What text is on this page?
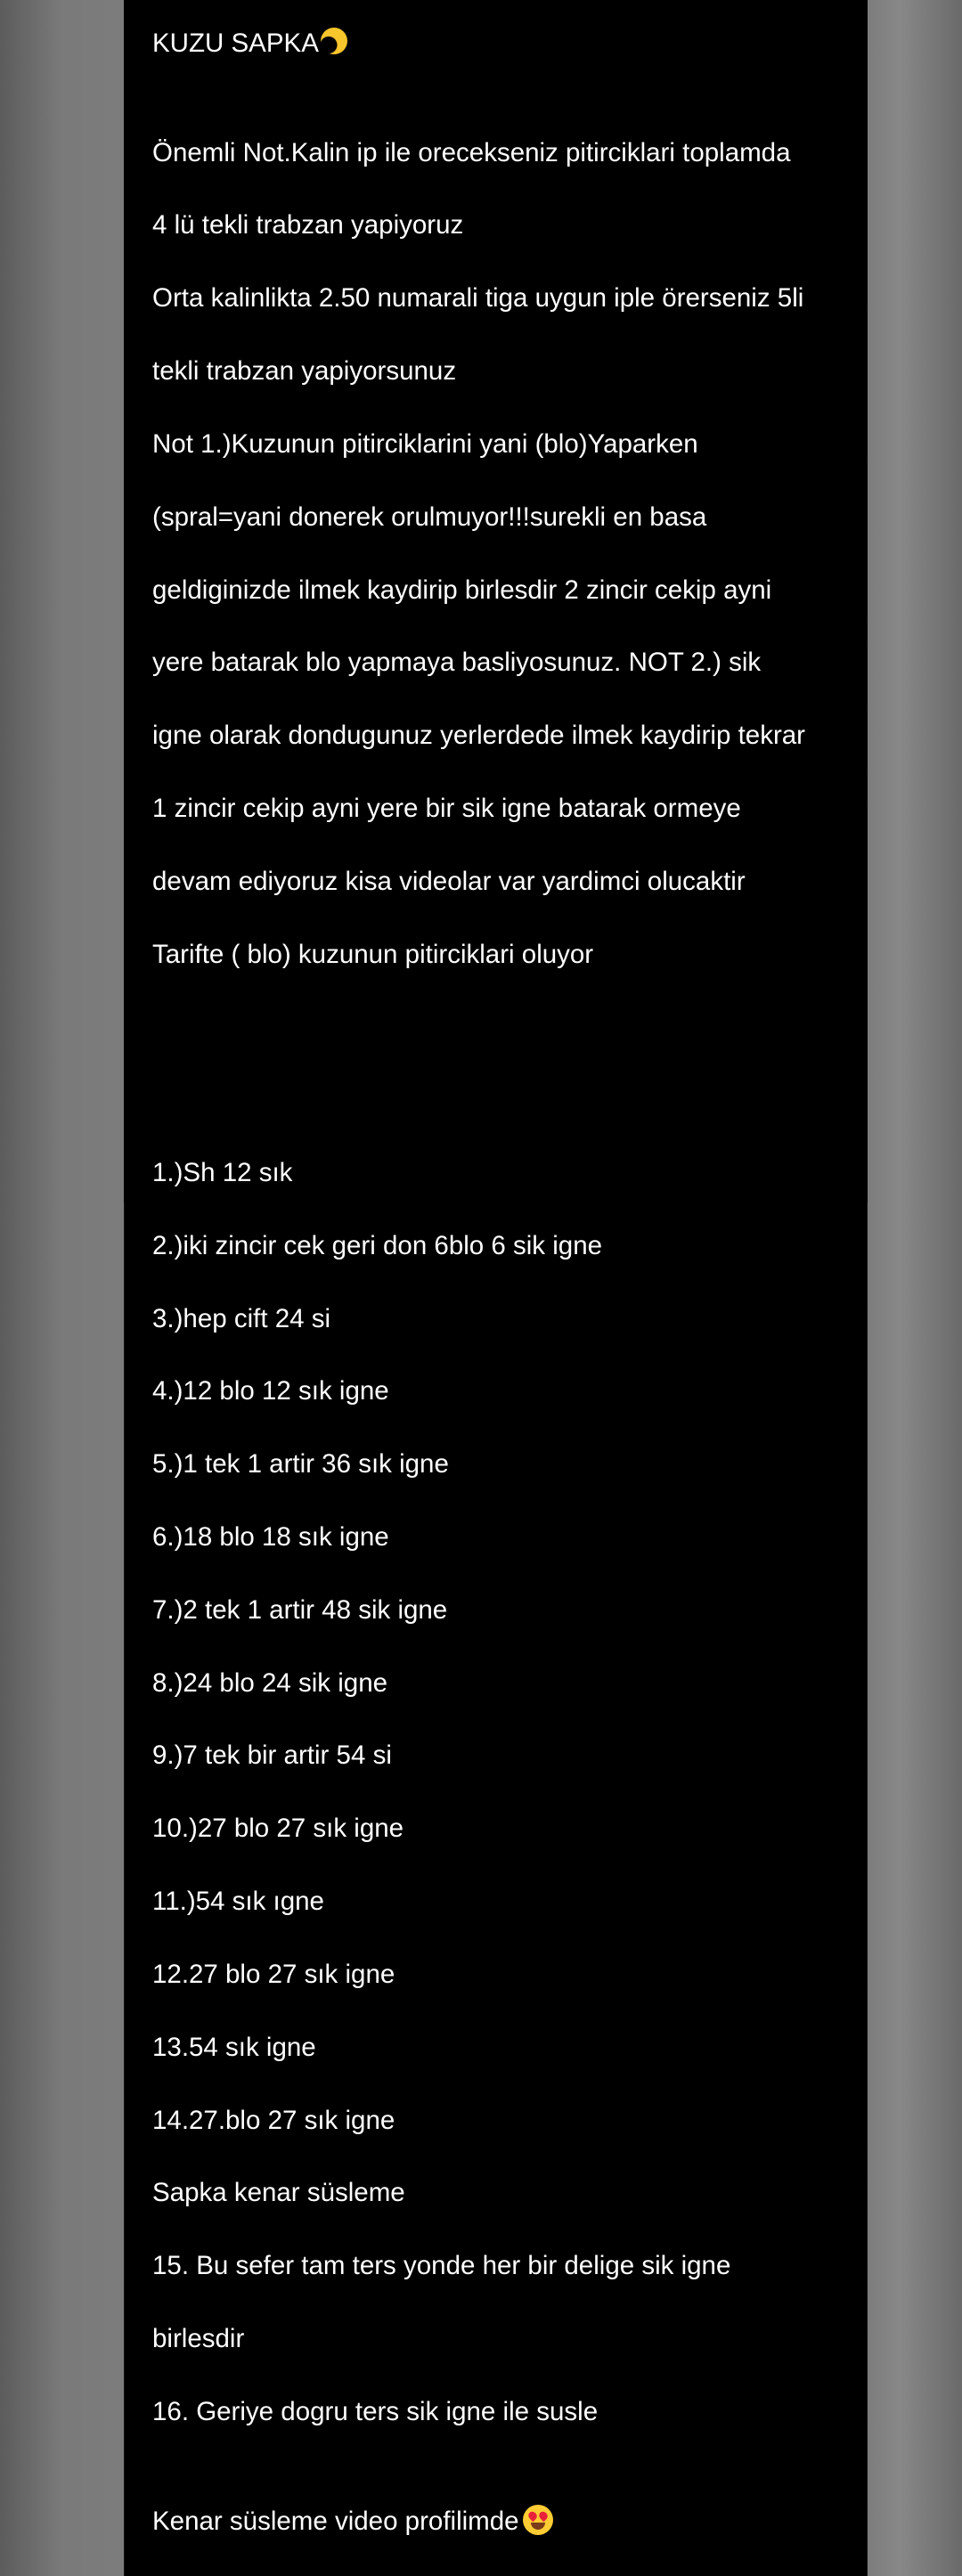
KUZU SAPKA

Önemli Not.Kalin ip ile orecekseniz pitirciklari toplamda

4 lü tekli trabzan yapiyoruz

Orta kalinlikta 2.50 numarali tiga uygun iple örerseniz 5li

tekli trabzan yapiyorsunuz

Not 1.)Kuzunun pitirciklarini yani (blo)Yaparken

(spral=yani donerek orulmuyor!!!surekli en basa

geldiginizde ilmek kaydirip birlesdir 2 zincir cekip ayni

yere batarak blo yapmaya basliyosunuz. NOT 2.) sik

igne olarak dondugunuz yerlerdede ilmek kaydirip tekrar

1 zincir cekip ayni yere bir sik igne batarak ormeye

devam ediyoruz kisa videolar var yardimci olucaktir

Tarifte ( blo) kuzunun pitirciklari oluyor

1.)Sh 12 sık

2.)iki zincir cek geri don 6blo 6 sik igne

3.)hep cift 24 si

4.)12 blo 12 sık igne

5.)1 tek 1 artir 36 sık igne

6.)18 blo 18 sık igne

7.)2 tek 1 artir 48 sik igne

8.)24 blo 24 sik igne

9.)7 tek bir artir 54 si

10.)27 blo 27 sık igne

11.)54 sık ıgne

12.27 blo 27 sık igne

13.54 sık igne

14.27.blo 27 sık igne

Sapka kenar süsleme

15. Bu sefer tam ters yonde her bir delige sik igne

birlesdir

16. Geriye dogru ters sik igne ile susle

Kenar süsleme video profilimde
